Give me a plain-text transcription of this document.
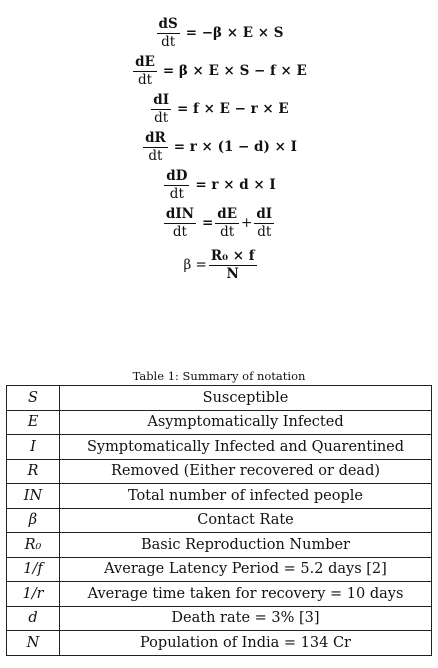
$\frac{dS}{dt} = -\beta \times E \times S$
$\frac{dE}{dt} = \beta \times E \times S - f \times E$
$\frac{dI}{dt} = f \times E - r \times E$
$\frac{dR}{dt} = r \times (1 - d) \times I$
$\frac{dD}{dt} = r \times d \times I$
$\frac{\text{dIN}}{dt} = \frac{dE}{dt} + \frac{dI}{dt}$
$\beta = \frac{\text{R₀ × f}}{N}$
Table 1: Summary of notation
S	Susceptible
E	Asymptomatically Infected
I	Symptomatically Infected and Quarentined
R	Removed (Either recovered or dead)
IN	Total number of infected people
β	Contact Rate
R₀	Basic Reproduction Number
1/f	Average Latency Period = 5.2 days [2]
1/r	Average time taken for recovery = 10 days
d	Death rate = 3% [3]
N	Population of India = 134 Cr
